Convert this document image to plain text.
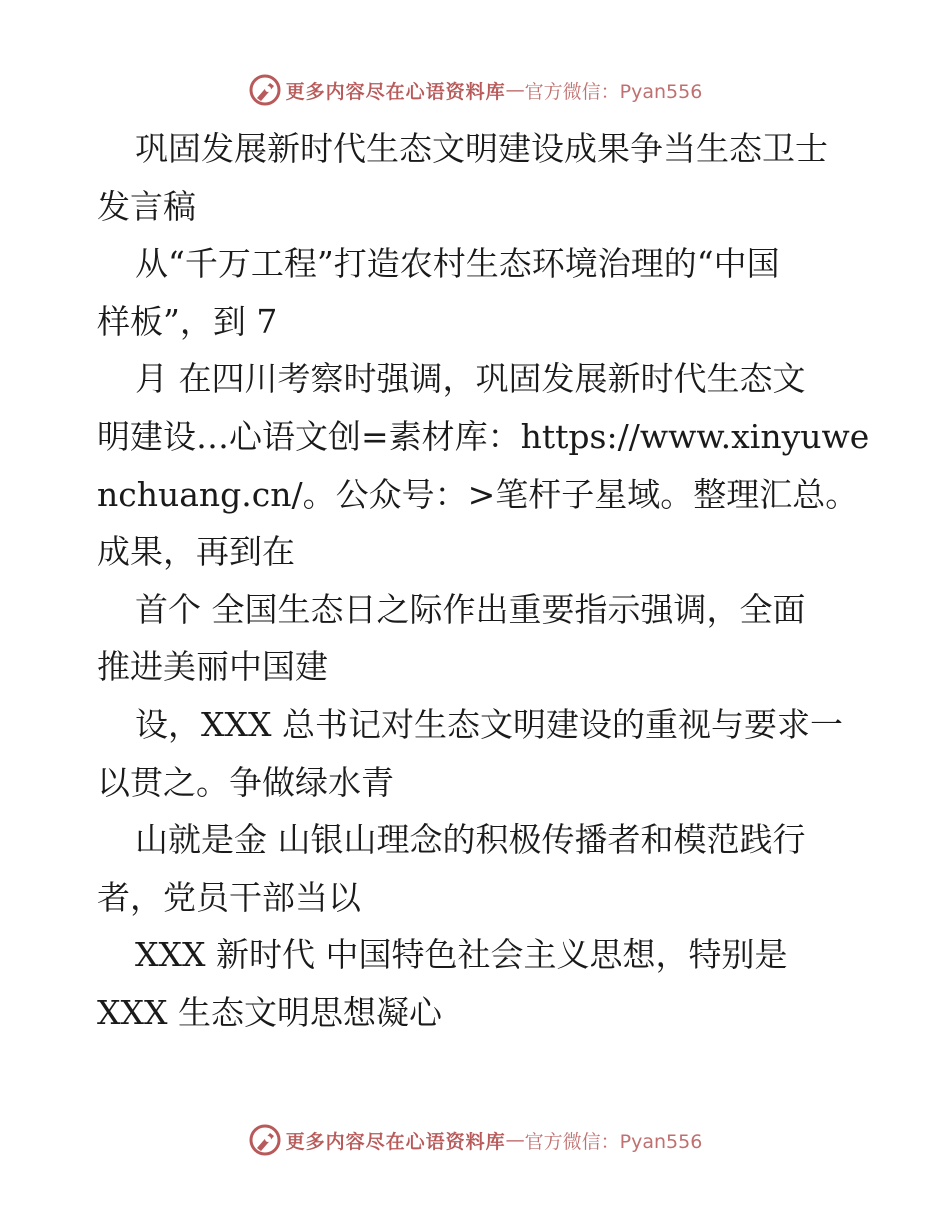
更多内容尽在心语资料库 — 官方微信：Pyan556

巩固发展新时代生态文明建设成果争当生态卫士

发言稿

从“千万工程”打造农村生态环境治理的“中国

样板”，到 7

月 在四川考察时强调，巩固发展新时代生态文

明建设…心语文创=素材库：https://www.xinyuwe

nchuang.cn/。公众号：>笔杆子星域。整理汇总。

成果，再到在

首个 全国生态日之际作出重要指示强调，全面

推进美丽中国建

设，XXX 总书记对生态文明建设的重视与要求一

以贯之。争做绿水青

山就是金 山银山理念的积极传播者和模范践行

者，党员干部当以

XXX 新时代 中国特色社会主义思想，特别是

XXX 生态文明思想凝心

更多内容尽在心语资料库 — 官方微信：Pyan556
